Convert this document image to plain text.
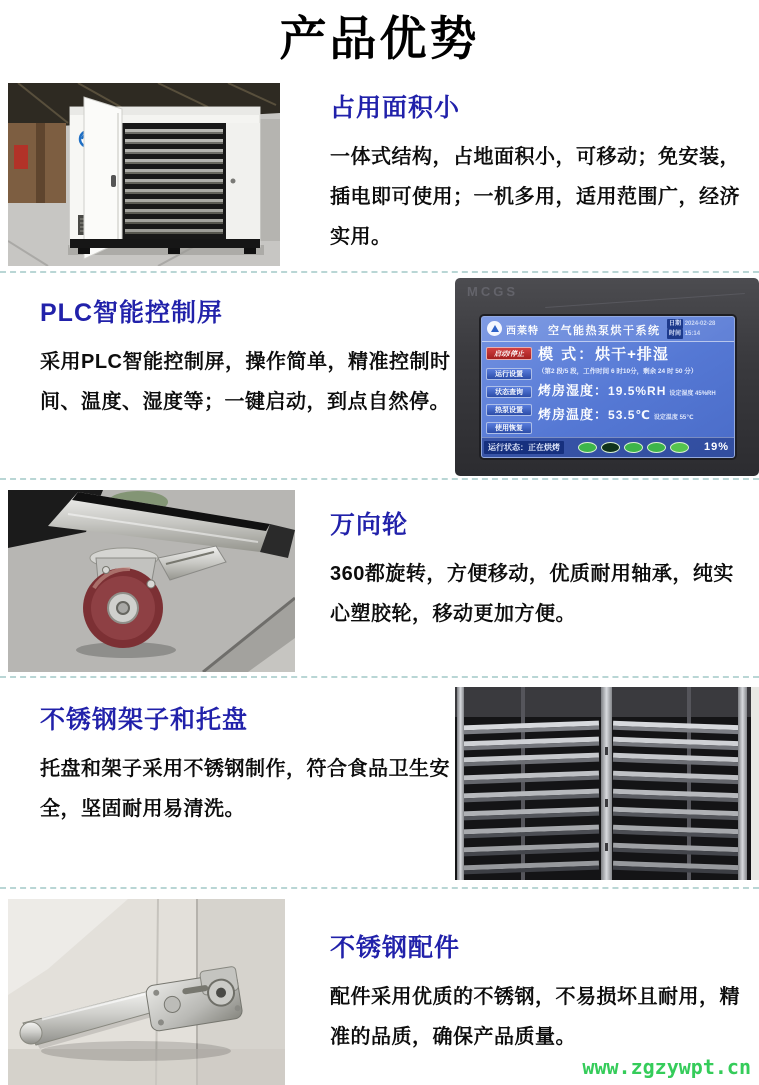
产品优势
占用面积小
一体式结构，占地面积小，可移动；免安装，插电即可使用；一机多用，适用范围广，经济实用。
PLC智能控制屏
采用PLC智能控制屏，操作简单，精准控制时间、温度、湿度等；一键启动，到点自然停。
MCGS
西莱特 空气能热泵烘干系统
日期 2024-02-28
时间 15:14
启动/停止
运行设置
状态查询
热泵设置
使用恢复
模 式：烘干+排湿
（第2 段/5 段，工作时间 6 时10分，剩余 24 时 50 分）
烤房湿度：19.5%RH 设定湿度 45%RH
烤房温度：53.5℃ 设定温度 55℃
运行状态：正在烘烤	19%
万向轮
360都旋转，方便移动，优质耐用轴承，纯实心塑胶轮，移动更加方便。
不锈钢架子和托盘
托盘和架子采用不锈钢制作，符合食品卫生安全，坚固耐用易清洗。
不锈钢配件
配件采用优质的不锈钢，不易损坏且耐用，精准的品质，确保产品质量。
www.zgzywpt.cn
